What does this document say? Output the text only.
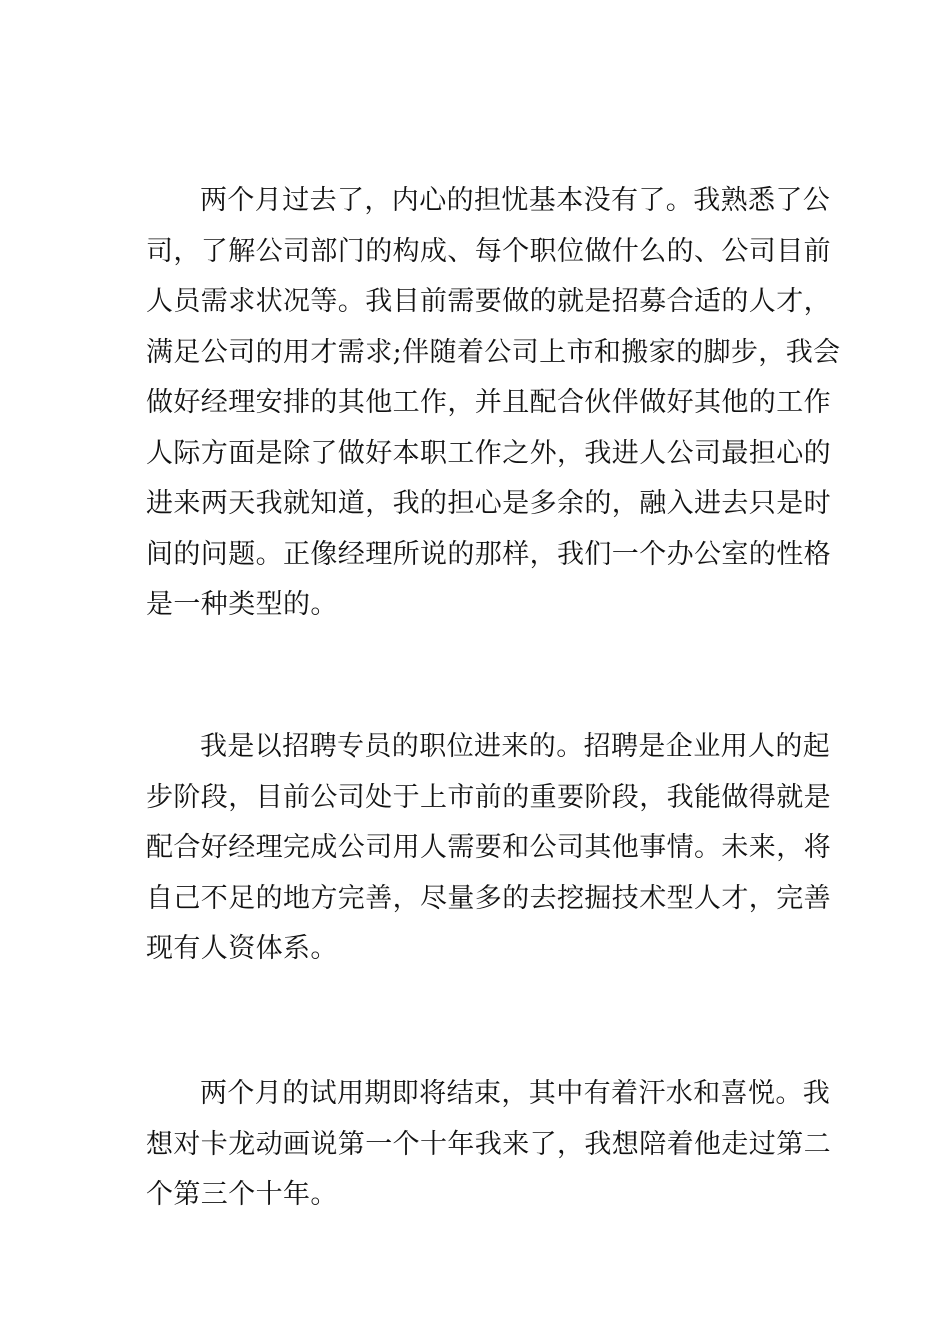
两个月过去了，内心的担忧基本没有了。我熟悉了公
司，了解公司部门的构成、每个职位做什么的、公司目前
人员需求状况等。我目前需要做的就是招募合适的人才，
满足公司的用才需求;伴随着公司上市和搬家的脚步，我会
做好经理安排的其他工作，并且配合伙伴做好其他的工作
人际方面是除了做好本职工作之外，我进人公司最担心的
进来两天我就知道，我的担心是多余的，融入进去只是时
间的问题。正像经理所说的那样，我们一个办公室的性格
是一种类型的。
我是以招聘专员的职位进来的。招聘是企业用人的起
步阶段，目前公司处于上市前的重要阶段，我能做得就是
配合好经理完成公司用人需要和公司其他事情。未来，将
自己不足的地方完善，尽量多的去挖掘技术型人才，完善
现有人资体系。
两个月的试用期即将结束，其中有着汗水和喜悦。我
想对卡龙动画说第一个十年我来了，我想陪着他走过第二
个第三个十年。
